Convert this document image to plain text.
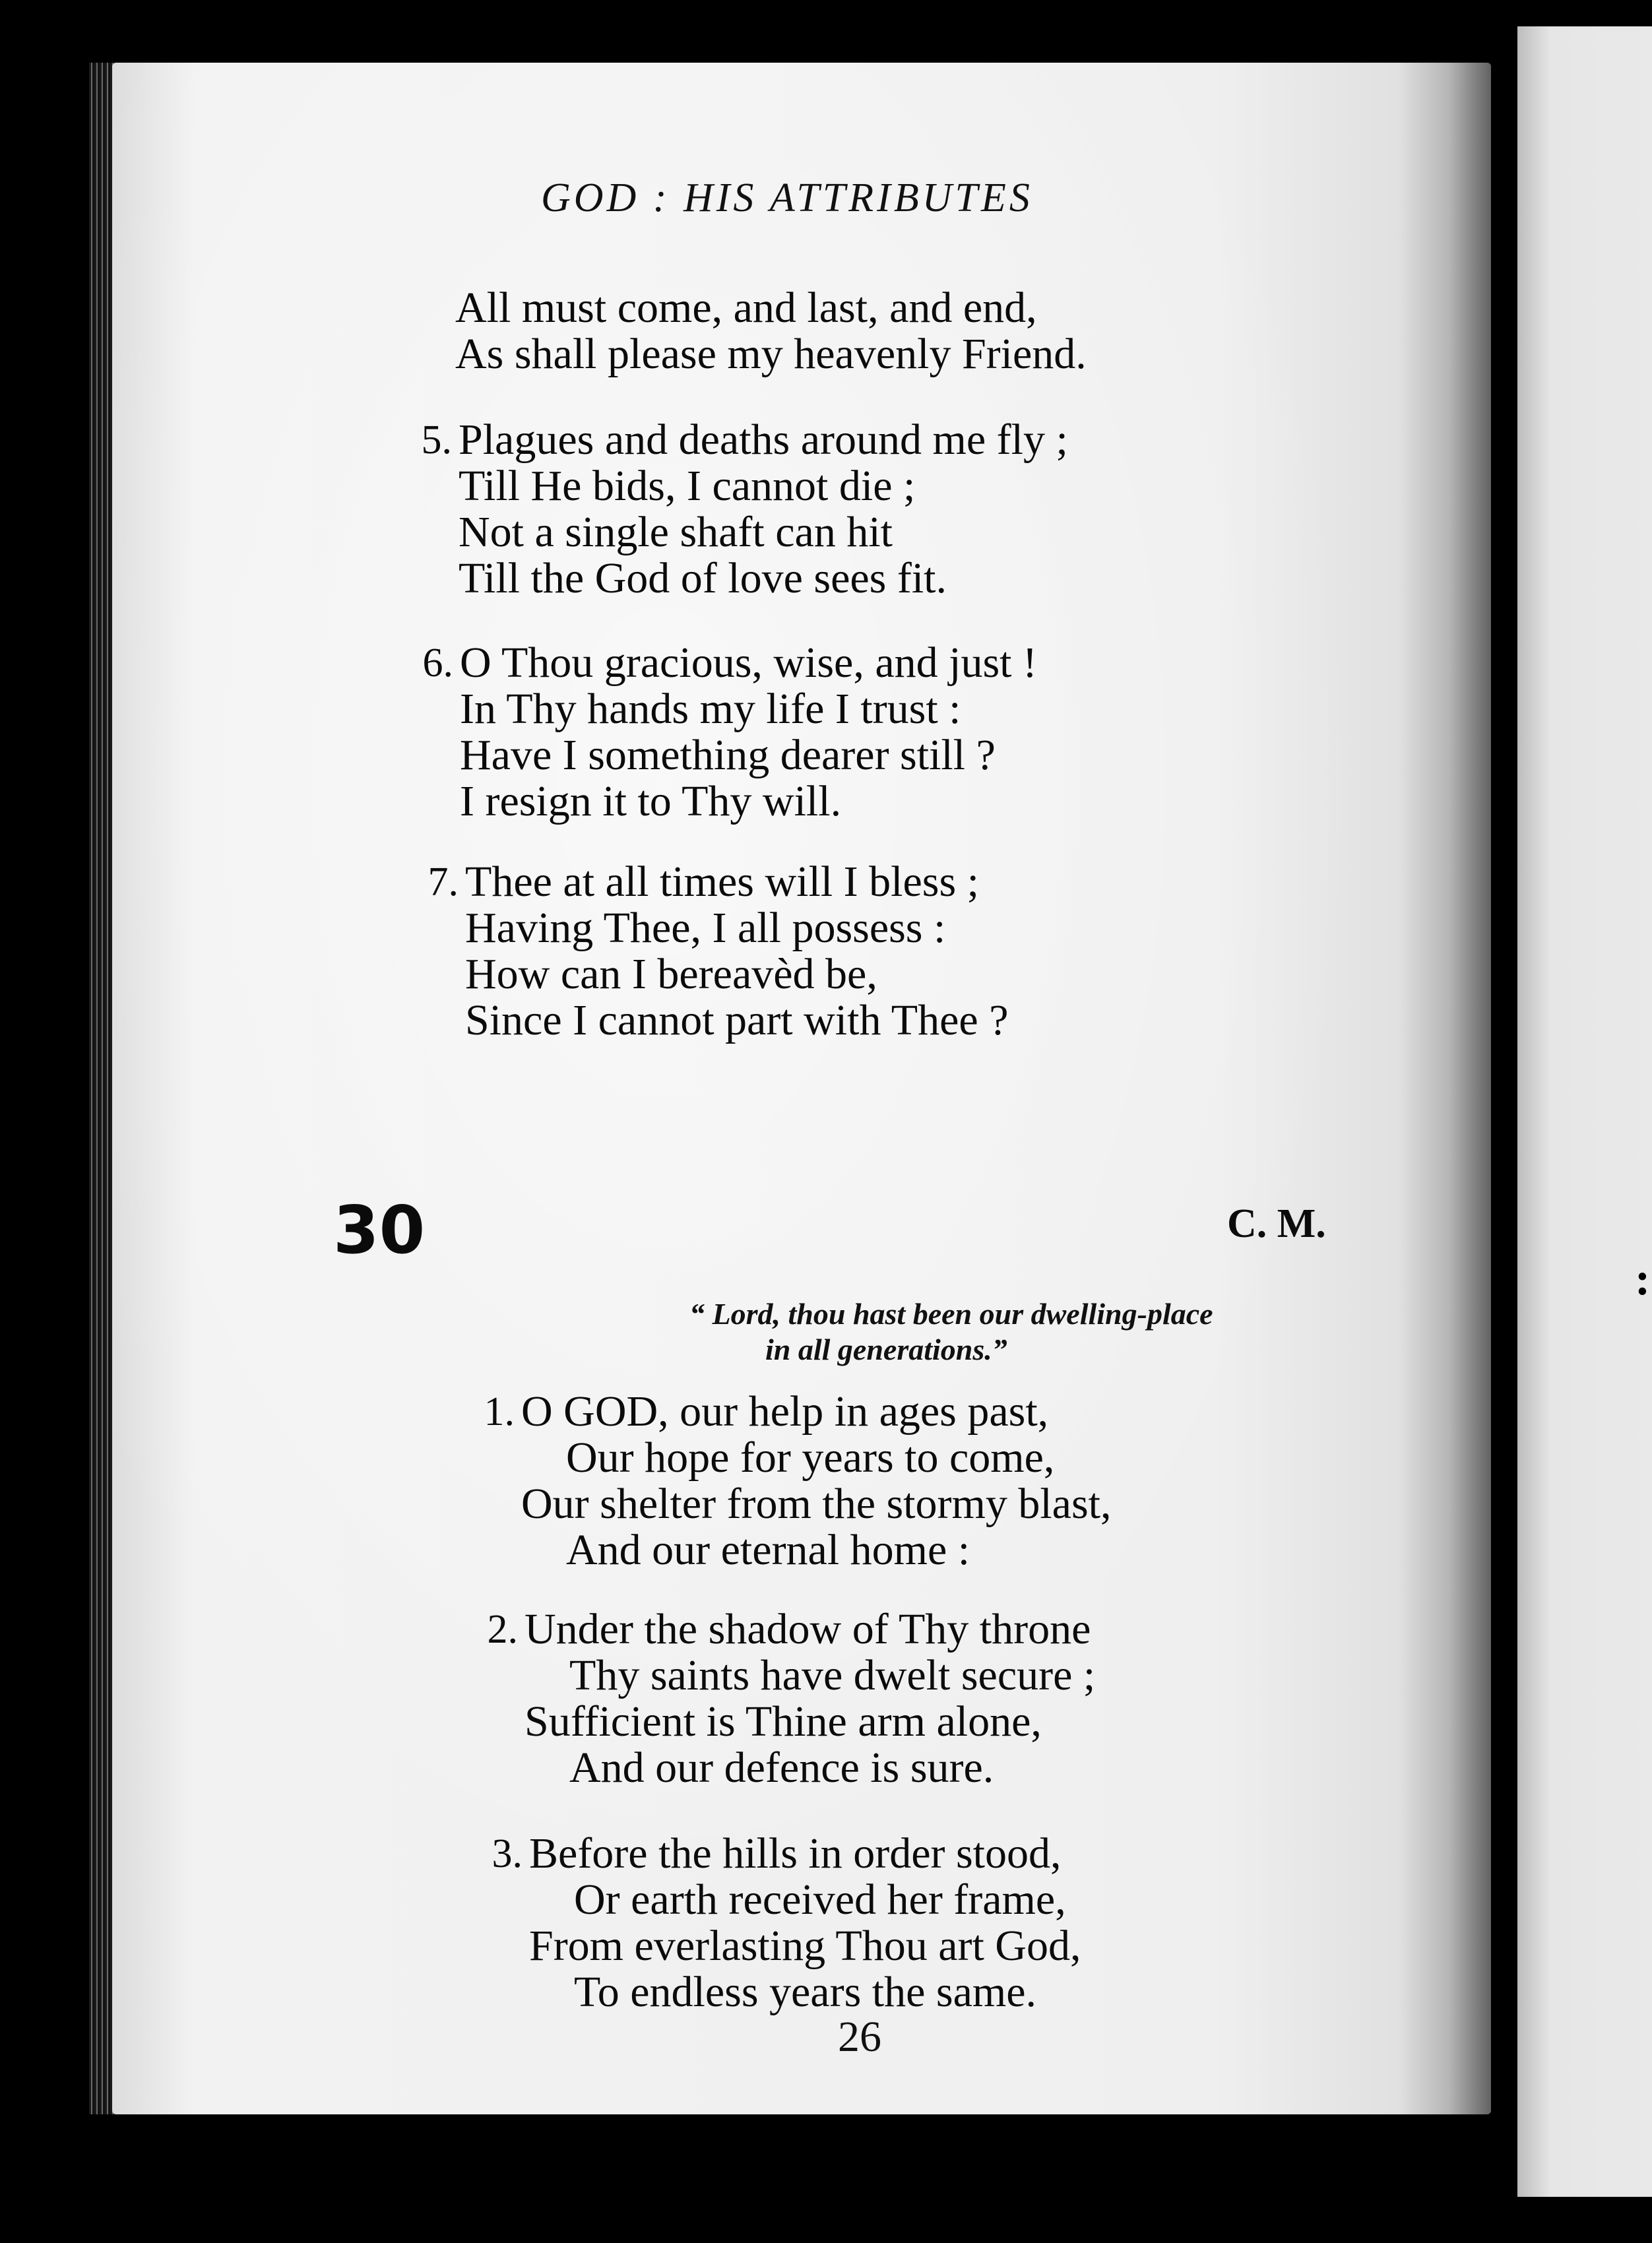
:
GOD : HIS ATTRIBUTES
All must come, and last, and end,
As shall please my heavenly Friend.
5. Plagues and deaths around me fly ;
Till He bids, I cannot die ;
Not a single shaft can hit
Till the God of love sees fit.
6. O Thou gracious, wise, and just !
In Thy hands my life I trust :
Have I something dearer still ?
I resign it to Thy will.
7. Thee at all times will I bless ;
Having Thee, I all possess :
How can I bereavèd be,
Since I cannot part with Thee ?
30	C. M.
“ Lord, thou hast been our dwelling-place
in all generations.”
1. O GOD, our help in ages past,
Our hope for years to come,
Our shelter from the stormy blast,
And our eternal home :
2. Under the shadow of Thy throne
Thy saints have dwelt secure ;
Sufficient is Thine arm alone,
And our defence is sure.
3. Before the hills in order stood,
Or earth received her frame,
From everlasting Thou art God,
To endless years the same.
26
